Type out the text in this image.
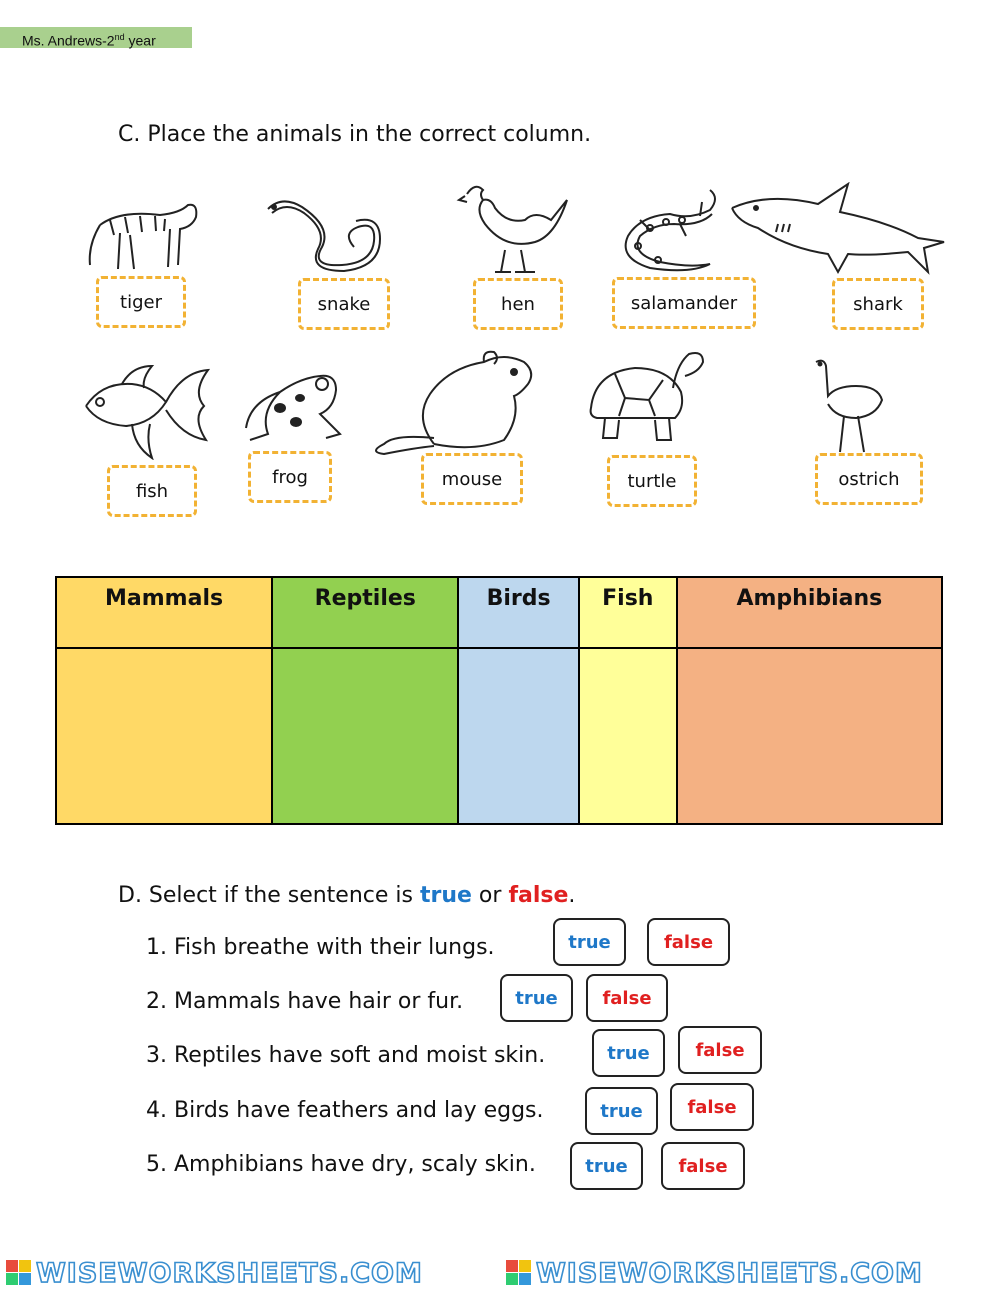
Ms. Andrews-2nd year
C. Place the animals in the correct column.
tiger	snake	hen	salamander	shark
fish
frog	mouse	turtle	ostrich
Mammals	Reptiles	Birds	Fish	Amphibians

D. Select if the sentence is true or false.
1. Fish breathe with their lungs.	true	false
2. Mammals have hair or fur.	true	false
3. Reptiles have soft and moist skin.	true	false
4. Birds have feathers and lay eggs.	true	false
5. Amphibians have dry, scaly skin.	true	false
WISEWORKSHEETS.COM	WISEWORKSHEETS.COM
